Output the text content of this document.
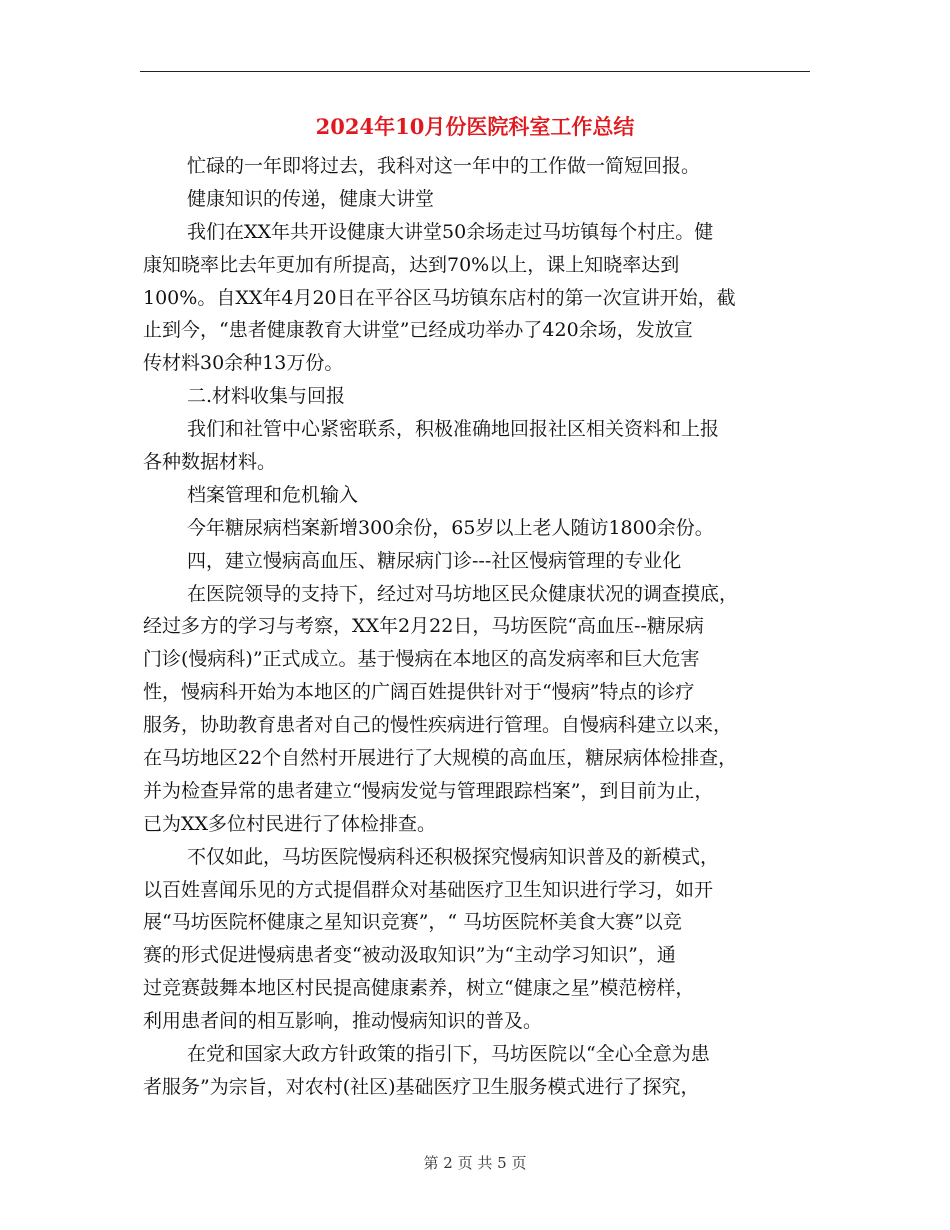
2024年10月份医院科室工作总结
忙碌的一年即将过去，我科对这一年中的工作做一简短回报。
健康知识的传递，健康大讲堂
我们在XX年共开设健康大讲堂50余场走过马坊镇每个村庄。健
康知晓率比去年更加有所提高，达到70%以上，课上知晓率达到
100%。自XX年4月20日在平谷区马坊镇东店村的第一次宣讲开始，截
止到今，“患者健康教育大讲堂”已经成功举办了420余场，发放宣
传材料30余种13万份。
二.材料收集与回报
我们和社管中心紧密联系，积极准确地回报社区相关资料和上报
各种数据材料。
档案管理和危机输入
今年糖尿病档案新增300余份，65岁以上老人随访1800余份。
四，建立慢病高血压、糖尿病门诊---社区慢病管理的专业化
在医院领导的支持下，经过对马坊地区民众健康状况的调查摸底，
经过多方的学习与考察，XX年2月22日，马坊医院“高血压--糖尿病
门诊(慢病科)”正式成立。基于慢病在本地区的高发病率和巨大危害
性，慢病科开始为本地区的广阔百姓提供针对于“慢病”特点的诊疗
服务，协助教育患者对自己的慢性疾病进行管理。自慢病科建立以来，
在马坊地区22个自然村开展进行了大规模的高血压，糖尿病体检排查，
并为检查异常的患者建立“慢病发觉与管理跟踪档案”，到目前为止，
已为XX多位村民进行了体检排查。
不仅如此，马坊医院慢病科还积极探究慢病知识普及的新模式，
以百姓喜闻乐见的方式提倡群众对基础医疗卫生知识进行学习，如开
展“马坊医院杯健康之星知识竞赛”，“ 马坊医院杯美食大赛”以竞
赛的形式促进慢病患者变“被动汲取知识”为“主动学习知识”，通
过竞赛鼓舞本地区村民提高健康素养，树立“健康之星”模范榜样，
利用患者间的相互影响，推动慢病知识的普及。
在党和国家大政方针政策的指引下，马坊医院以“全心全意为患
者服务”为宗旨，对农村(社区)基础医疗卫生服务模式进行了探究，
第 2 页 共 5 页
